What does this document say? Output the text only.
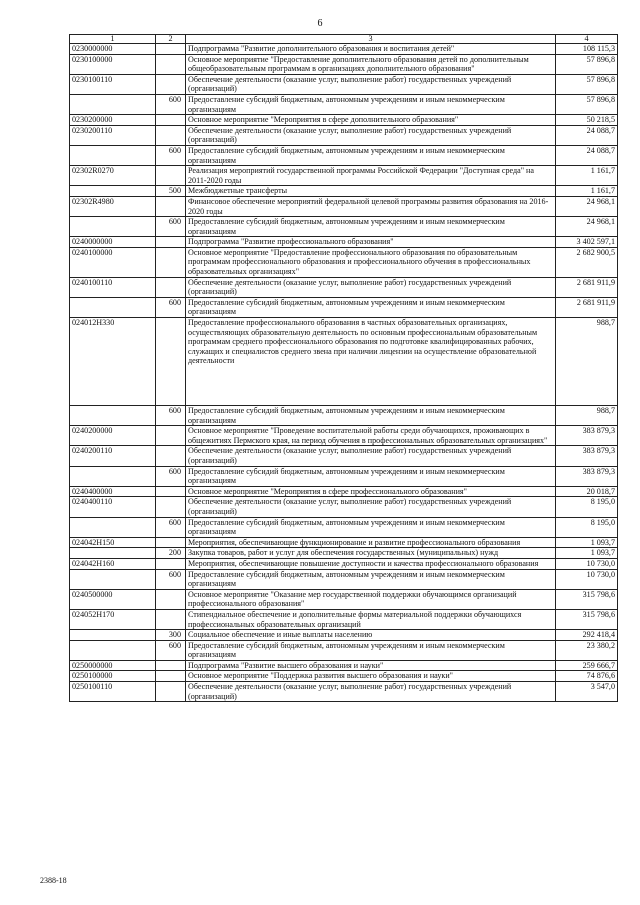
6
1	2	3	4
0230000000		Подпрограмма "Развитие дополнительного образования и воспитания детей"	108 115,3
0230100000		Основное мероприятие "Предоставление дополнительного образования детей по дополнительным общеобразовательным программам в организациях дополнительного образования"	57 896,8
0230100110		Обеспечение деятельности (оказание услуг, выполнение работ) государственных учреждений (организаций)	57 896,8
	600	Предоставление субсидий бюджетным, автономным учреждениям и иным некоммерческим организациям	57 896,8
0230200000		Основное мероприятие "Мероприятия в сфере дополнительного образования"	50 218,5
0230200110		Обеспечение деятельности (оказание услуг, выполнение работ) государственных учреждений (организаций)	24 088,7
	600	Предоставление субсидий бюджетным, автономным учреждениям и иным некоммерческим организациям	24 088,7
02302R0270		Реализация мероприятий государственной программы Российской Федерации "Доступная среда" на 2011-2020 годы	1 161,7
	500	Межбюджетные трансферты	1 161,7
02302R4980		Финансовое обеспечение мероприятий федеральной целевой программы развития образования на 2016-2020 годы	24 968,1
	600	Предоставление субсидий бюджетным, автономным учреждениям и иным некоммерческим организациям	24 968,1
0240000000		Подпрограмма "Развитие профессионального образования"	3 402 597,1
0240100000		Основное мероприятие "Предоставление профессионального образования по образовательным программам профессионального образования и профессионального обучения в профессиональных образовательных организациях"	2 682 900,5
0240100110		Обеспечение деятельности (оказание услуг, выполнение работ) государственных учреждений (организаций)	2 681 911,9
	600	Предоставление субсидий бюджетным, автономным учреждениям и иным некоммерческим организациям	2 681 911,9
024012Н330		Предоставление профессионального образования в частных образовательных организациях, осуществляющих образовательную деятельность по основным профессиональным образовательным программам среднего профессионального образования по подготовке квалифицированных рабочих, служащих и специалистов среднего звена при наличии лицензии на осуществление образовательной деятельности	988,7
	600	Предоставление субсидий бюджетным, автономным учреждениям и иным некоммерческим организациям	988,7
0240200000		Основное мероприятие "Проведение воспитательной работы среди обучающихся, проживающих в общежитиях Пермского края, на период обучения в профессиональных образовательных организациях"	383 879,3
0240200110		Обеспечение деятельности (оказание услуг, выполнение работ) государственных учреждений (организаций)	383 879,3
	600	Предоставление субсидий бюджетным, автономным учреждениям и иным некоммерческим организациям	383 879,3
0240400000		Основное мероприятие "Мероприятия в сфере профессионального образования"	20 018,7
0240400110		Обеспечение деятельности (оказание услуг, выполнение работ) государственных учреждений (организаций)	8 195,0
	600	Предоставление субсидий бюджетным, автономным учреждениям и иным некоммерческим организациям	8 195,0
024042Н150		Мероприятия, обеспечивающие функционирование и развитие профессионального образования	1 093,7
	200	Закупка товаров, работ и услуг для обеспечения государственных (муниципальных) нужд	1 093,7
024042Н160		Мероприятия, обеспечивающие повышение доступности и качества профессионального образования	10 730,0
	600	Предоставление субсидий бюджетным, автономным учреждениям и иным некоммерческим организациям	10 730,0
0240500000		Основное мероприятие "Оказание мер государственной поддержки обучающимся организаций профессионального образования"	315 798,6
024052Н170		Стипендиальное обеспечение и дополнительные формы материальной поддержки обучающихся профессиональных образовательных организаций	315 798,6
	300	Социальное обеспечение и иные выплаты населению	292 418,4
	600	Предоставление субсидий бюджетным, автономным учреждениям и иным некоммерческим организациям	23 380,2
0250000000		Подпрограмма "Развитие высшего образования и науки"	259 666,7
0250100000		Основное мероприятие "Поддержка развития высшего образования и науки"	74 876,6
0250100110		Обеспечение деятельности (оказание услуг, выполнение работ) государственных учреждений (организаций)	3 547,0
2388-18
